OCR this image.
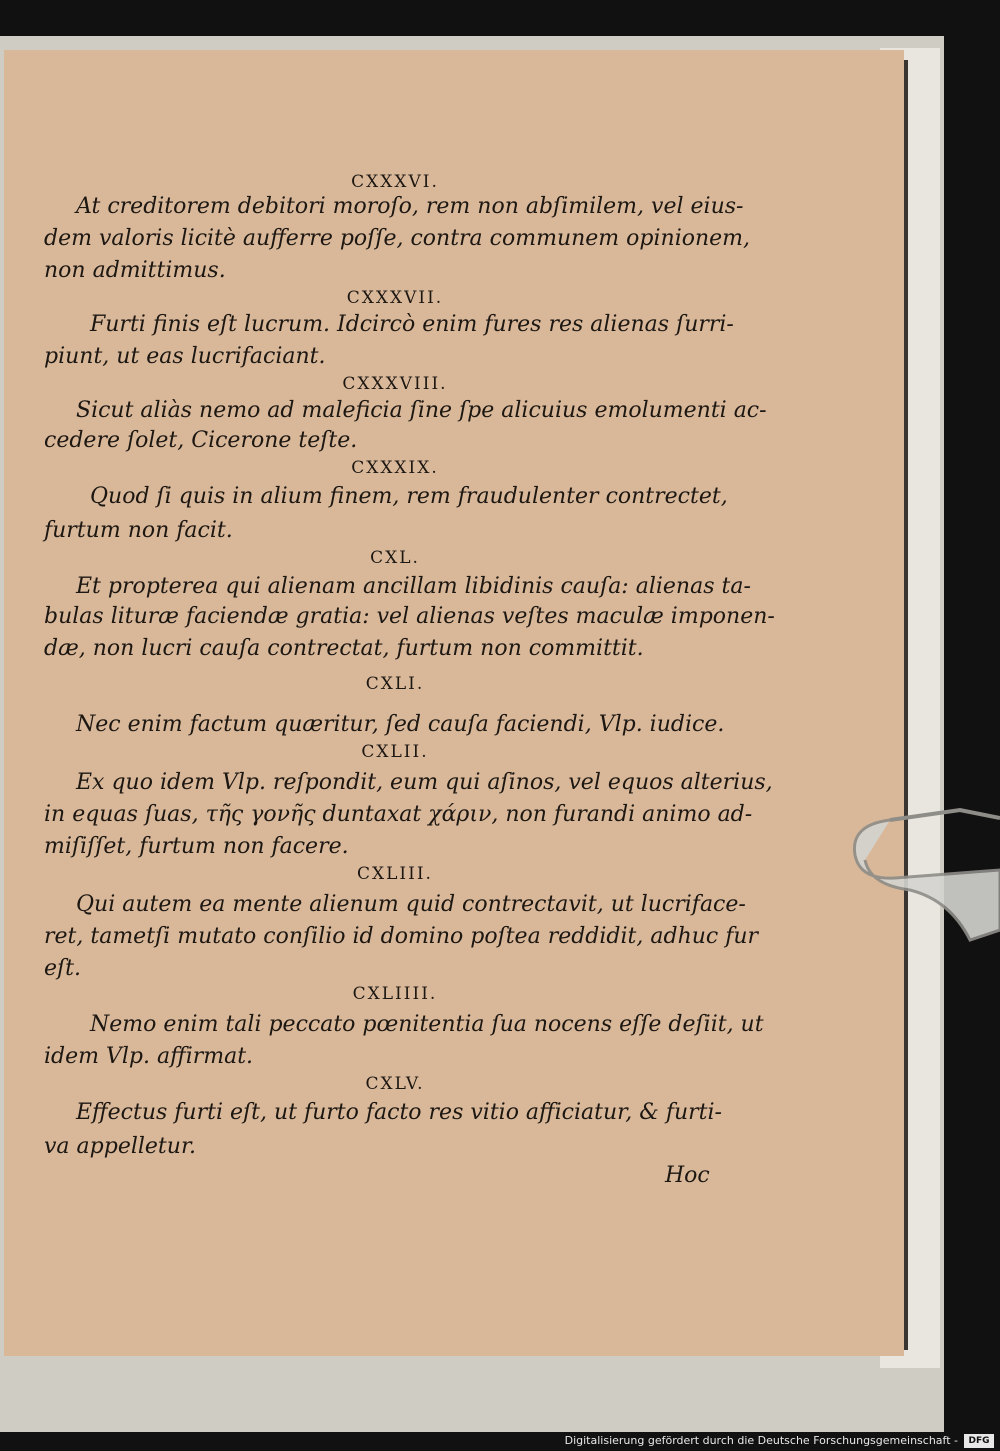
CXXXVI.
At creditorem debitori moroſo, rem non abſimilem, vel eius-
dem valoris licitè aufferre poſſe, contra communem opinionem,
non admittimus.
CXXXVII.
Furti finis eſt lucrum. Idcircò enim fures res alienas ſurri-
piunt, ut eas lucrifaciant.
CXXXVIII.
Sicut aliàs nemo ad maleficia ſine ſpe alicuius emolumenti ac-
cedere ſolet, Cicerone teſte.
CXXXIX.
Quod ſi quis in alium finem, rem fraudulenter contrectet,
furtum non facit.
CXL.
Et propterea qui alienam ancillam libidinis cauſa: alienas ta-
bulas lituræ faciendæ gratia: vel alienas veſtes maculæ imponen-
dæ, non lucri cauſa contrectat, furtum non committit.
CXLI.
Nec enim factum quæritur, ſed cauſa faciendi, Vlp. iudice.
CXLII.
Ex quo idem Vlp. reſpondit, eum qui aſinos, vel equos alterius,
in equas ſuas, τῆς γονῆς duntaxat χάριν, non furandi animo ad-
miſiſſet, furtum non facere.
CXLIII.
Qui autem ea mente alienum quid contrectavit, ut lucriface-
ret, tametſi mutato conſilio id domino poſtea reddidit, adhuc fur
eſt.
CXLIIII.
Nemo enim tali peccato pœnitentia ſua nocens eſſe deſiit, ut
idem Vlp. affirmat.
CXLV.
Effectus furti eſt, ut furto facto res vitio afficiatur, & furti-
va appelletur.
Hoc
Digitalisierung gefördert durch die Deutsche Forschungsgemeinschaft -	DFG
